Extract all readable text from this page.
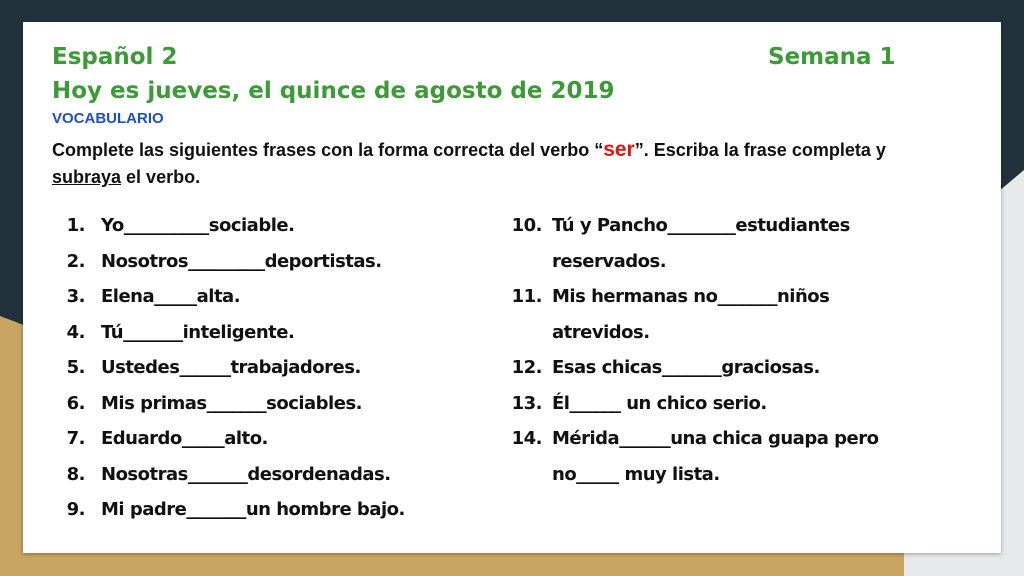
Español 2	Semana 1
Hoy es jueves, el quince de agosto de 2019
VOCABULARIO
Complete las siguientes frases con la forma correcta del verbo “ser”. Escriba la frase completa y subraya el verbo.
1. Yo__________sociable.
2. Nosotros_________deportistas.
3. Elena_____alta.
4. Tú_______inteligente.
5. Ustedes______trabajadores.
6. Mis primas_______sociables.
7. Eduardo_____alto.
8. Nosotras_______desordenadas.
9. Mi padre_______un hombre bajo.
10. Tú y Pancho________estudiantes
reservados.
11. Mis hermanas no_______niños
atrevidos.
12. Esas chicas_______graciosas.
13. Él______ un chico serio.
14. Mérida______una chica guapa pero
no_____ muy lista.
